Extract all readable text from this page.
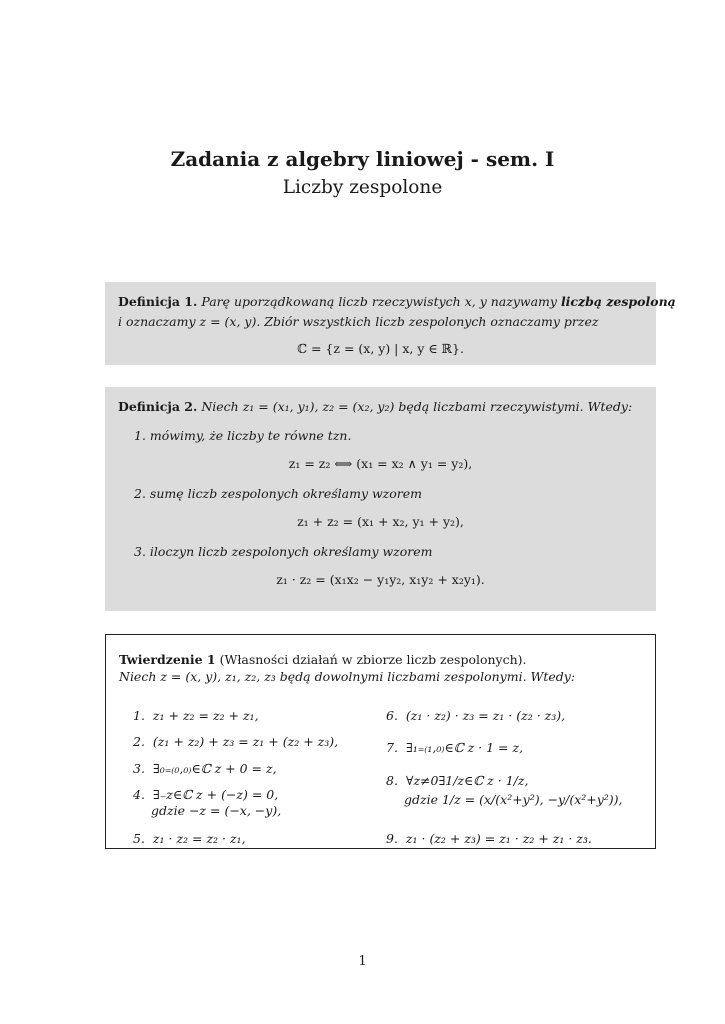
Zadania z algebry liniowej - sem. I
Liczby zespolone
Definicja 1. Parę uporządkowaną liczb rzeczywistych x, y nazywamy liczbą zespoloną
i oznaczamy z = (x, y). Zbiór wszystkich liczb zespolonych oznaczamy przez
ℂ = {z = (x, y) | x, y ∈ ℝ}.
Definicja 2. Niech z₁ = (x₁, y₁), z₂ = (x₂, y₂) będą liczbami rzeczywistymi. Wtedy:
1. mówimy, że liczby te równe tzn.
z₁ = z₂ ⟺ (x₁ = x₂ ∧ y₁ = y₂),
2. sumę liczb zespolonych określamy wzorem
z₁ + z₂ = (x₁ + x₂, y₁ + y₂),
3. iloczyn liczb zespolonych określamy wzorem
z₁ · z₂ = (x₁x₂ − y₁y₂, x₁y₂ + x₂y₁).
Twierdzenie 1 (Własności działań w zbiorze liczb zespolonych).
Niech z = (x, y), z₁, z₂, z₃ będą dowolnymi liczbami zespolonymi. Wtedy:
1. z₁ + z₂ = z₂ + z₁,
2. (z₁ + z₂) + z₃ = z₁ + (z₂ + z₃),
3. ∃₀₌₍₀,₀₎∈ℂ z + 0 = z,
4. ∃₋z∈ℂ z + (−z) = 0,
gdzie −z = (−x, −y),
5. z₁ · z₂ = z₂ · z₁,
6. (z₁ · z₂) · z₃ = z₁ · (z₂ · z₃),
7. ∃₁₌₍₁,₀₎∈ℂ z · 1 = z,
8. ∀z≠0∃1/z∈ℂ z · 1/z,
gdzie 1/z = (x/(x²+y²), −y/(x²+y²)),
9. z₁ · (z₂ + z₃) = z₁ · z₂ + z₁ · z₃.
1
